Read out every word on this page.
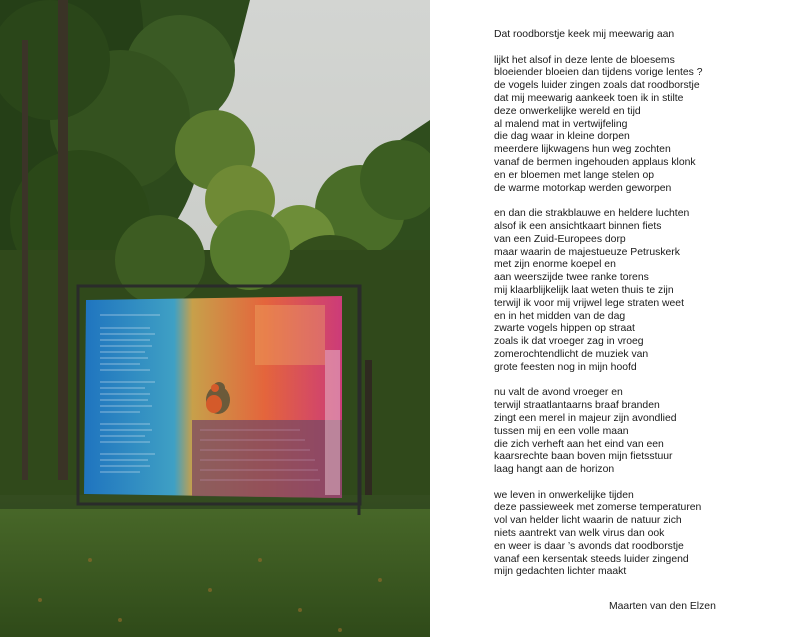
Dat roodborstje keek mij meewarig aan
lijkt het alsof in deze lente de bloesems
bloeiender bloeien dan tijdens vorige lentes ?
de vogels luider zingen zoals dat roodborstje
dat mij meewarig aankeek toen ik in stilte
deze onwerkelijke wereld en tijd
al malend mat in vertwijfeling
die dag waar in kleine dorpen
meerdere lijkwagens hun weg zochten
vanaf de bermen ingehouden applaus klonk
en er bloemen met lange stelen op
de warme motorkap werden geworpen
en dan die strakblauwe en heldere luchten
alsof ik een ansichtkaart binnen fiets
van een Zuid-Europees dorp
maar waarin de majestueuze Petruskerk
met zijn enorme koepel en
aan weerszijde twee ranke torens
mij klaarblijkelijk laat weten thuis te zijn
terwijl ik voor mij vrijwel lege straten weet
en in het midden van de dag
zwarte vogels hippen op straat
zoals ik dat vroeger zag in vroeg
zomerochtendlicht de muziek van
grote feesten nog in mijn hoofd
nu valt de avond vroeger en
terwijl straatlantaarns braaf branden
zingt een merel in majeur zijn avondlied
tussen mij en een volle maan
die zich verheft aan het eind van een
kaarsrechte baan boven mijn fietsstuur
laag hangt aan de horizon
we leven in onwerkelijke tijden
deze passieweek met zomerse temperaturen
vol van helder licht waarin de natuur zich
niets aantrekt van welk virus dan ook
en weer is daar ’s avonds dat roodborstje
vanaf een kersentak steeds luider zingend
mijn gedachten lichter maakt
Maarten van den Elzen
